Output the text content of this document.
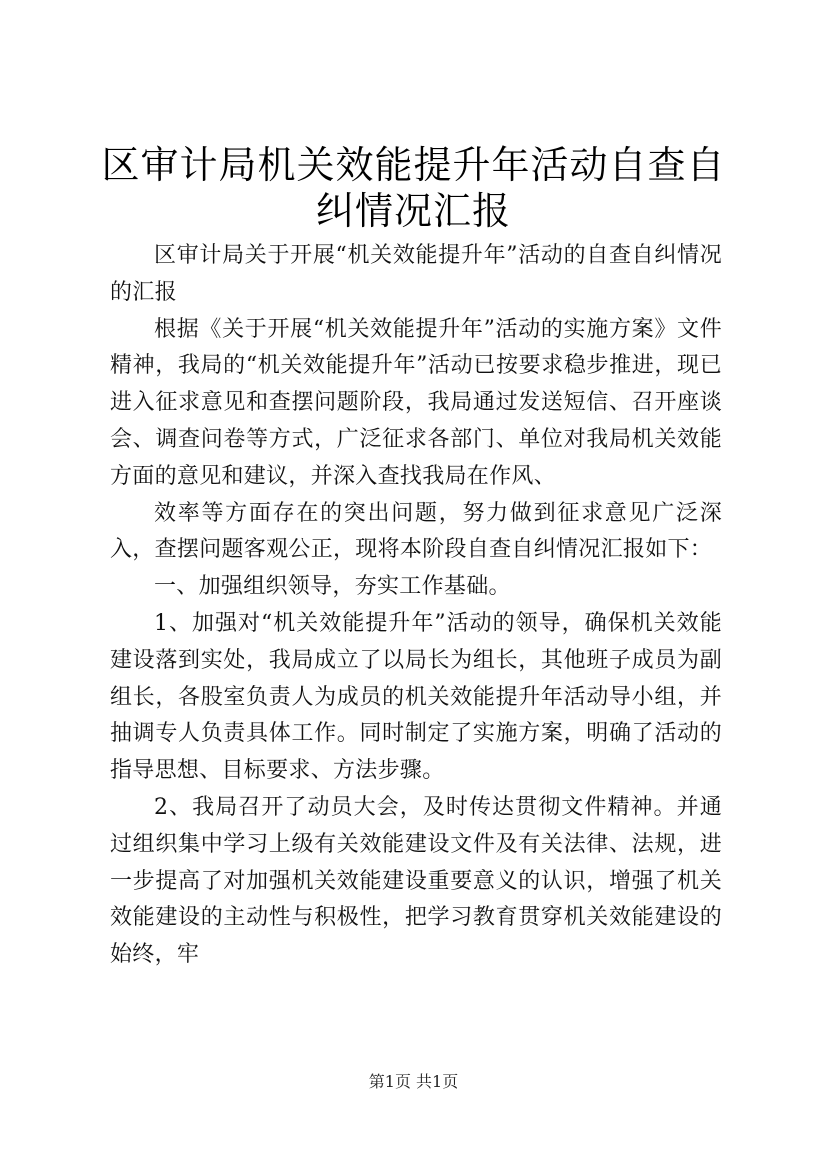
区审计局机关效能提升年活动自查自纠情况汇报

区审计局关于开展“机关效能提升年”活动的自查自纠情况的汇报

根据《关于开展“机关效能提升年”活动的实施方案》文件精神，我局的“机关效能提升年”活动已按要求稳步推进，现已进入征求意见和查摆问题阶段，我局通过发送短信、召开座谈会、调查问卷等方式，广泛征求各部门、单位对我局机关效能方面的意见和建议，并深入查找我局在作风、

效率等方面存在的突出问题，努力做到征求意见广泛深入，查摆问题客观公正，现将本阶段自查自纠情况汇报如下：

一、加强组织领导，夯实工作基础。

1、加强对“机关效能提升年”活动的领导，确保机关效能建设落到实处，我局成立了以局长为组长，其他班子成员为副组长，各股室负责人为成员的机关效能提升年活动导小组，并抽调专人负责具体工作。同时制定了实施方案，明确了活动的指导思想、目标要求、方法步骤。

2、我局召开了动员大会，及时传达贯彻文件精神。并通过组织集中学习上级有关效能建设文件及有关法律、法规，进一步提高了对加强机关效能建设重要意义的认识，增强了机关效能建设的主动性与积极性，把学习教育贯穿机关效能建设的始终，牢

第1页 共1页
